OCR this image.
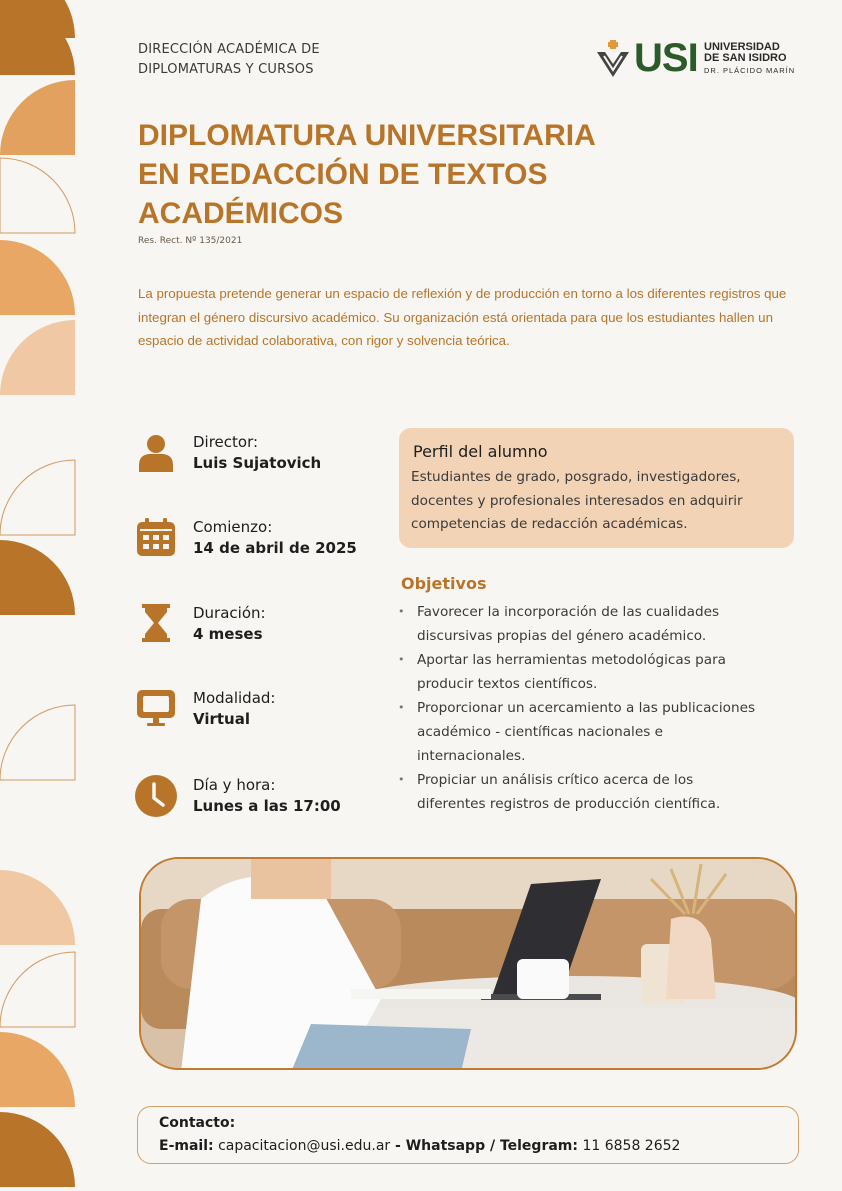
DIRECCIÓN ACADÉMICA DE
DIPLOMATURAS Y CURSOS	USI UNIVERSIDAD
DE SAN ISIDRO
DR. PLÁCIDO MARÍN
DIPLOMATURA UNIVERSITARIA
EN REDACCIÓN DE TEXTOS
ACADÉMICOS
Res. Rect. Nº 135/2021
La propuesta pretende generar un espacio de reflexión y de producción en torno a los diferentes registros que
integran el género discursivo académico. Su organización está orientada para que los estudiantes hallen un
espacio de actividad colaborativa, con rigor y solvencia teórica.
Director:
Luis Sujatovich
Comienzo:
14 de abril de 2025
Duración:
4 meses
Modalidad:
Virtual
Día y hora:
Lunes a las 17:00
Perfil del alumno
Estudiantes de grado, posgrado, investigadores,
docentes y profesionales interesados en adquirir
competencias de redacción académicas.
Objetivos
• Favorecer la incorporación de las cualidades
discursivas propias del género académico.
• Aportar las herramientas metodológicas para
producir textos científicos.
• Proporcionar un acercamiento a las publicaciones
académico - científicas nacionales e
internacionales.
• Propiciar un análisis crítico acerca de los
diferentes registros de producción científica.
Contacto:
E-mail: capacitacion@usi.edu.ar - Whatsapp / Telegram: 11 6858 2652
